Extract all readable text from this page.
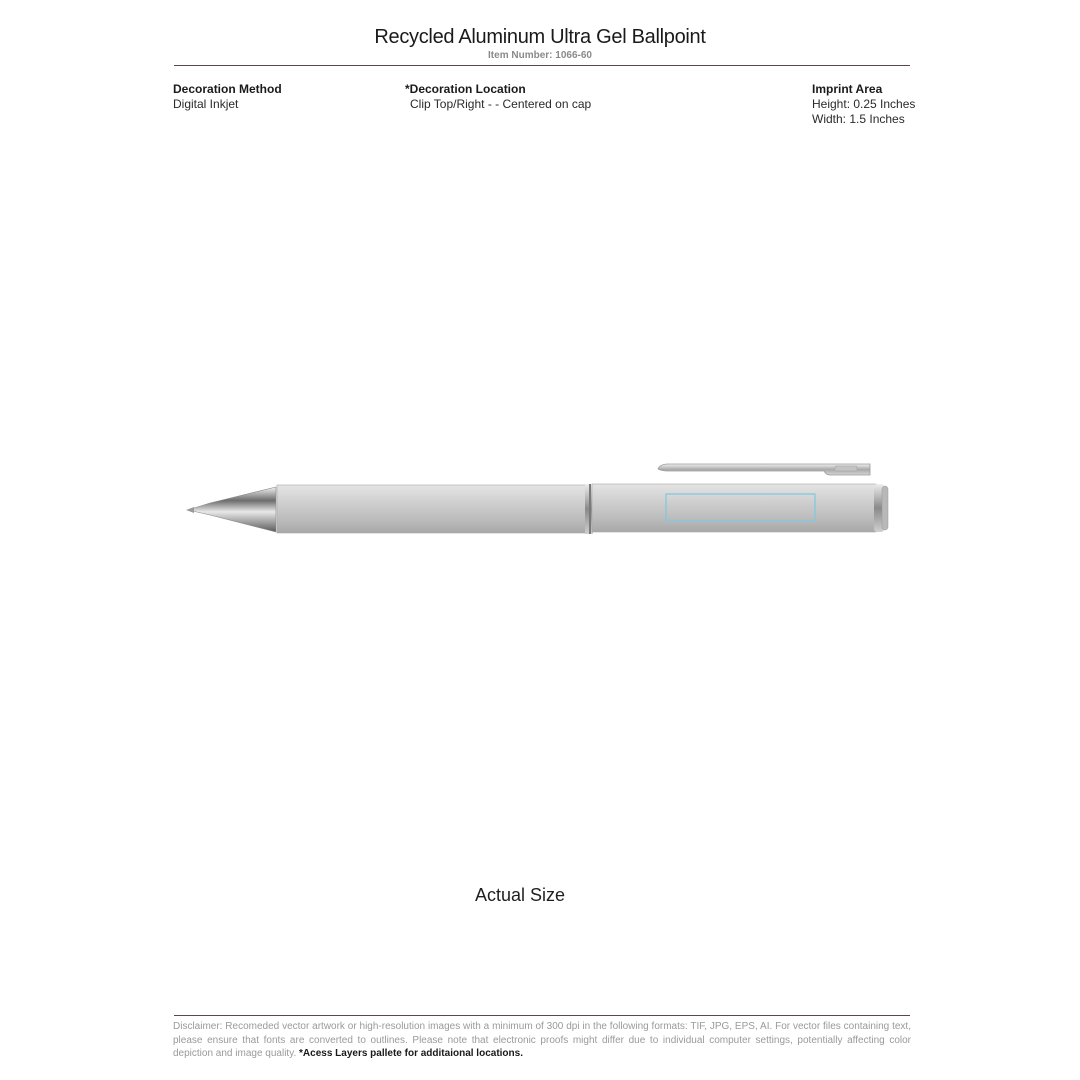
Recycled Aluminum Ultra Gel Ballpoint
Item Number: 1066-60
Decoration Method
Digital Inkjet
*Decoration Location
Clip Top/Right - - Centered on cap
Imprint Area
Height: 0.25 Inches
Width: 1.5 Inches
Actual Size
Disclaimer: Recomeded vector artwork or high-resolution images with a minimum of 300 dpi in the following formats: TIF, JPG, EPS, AI. For vector files containing text, please ensure that fonts are converted to outlines. Please note that electronic proofs might differ due to individual computer settings, potentially affecting color depiction and image quality. *Acess Layers pallete for additaional locations.
